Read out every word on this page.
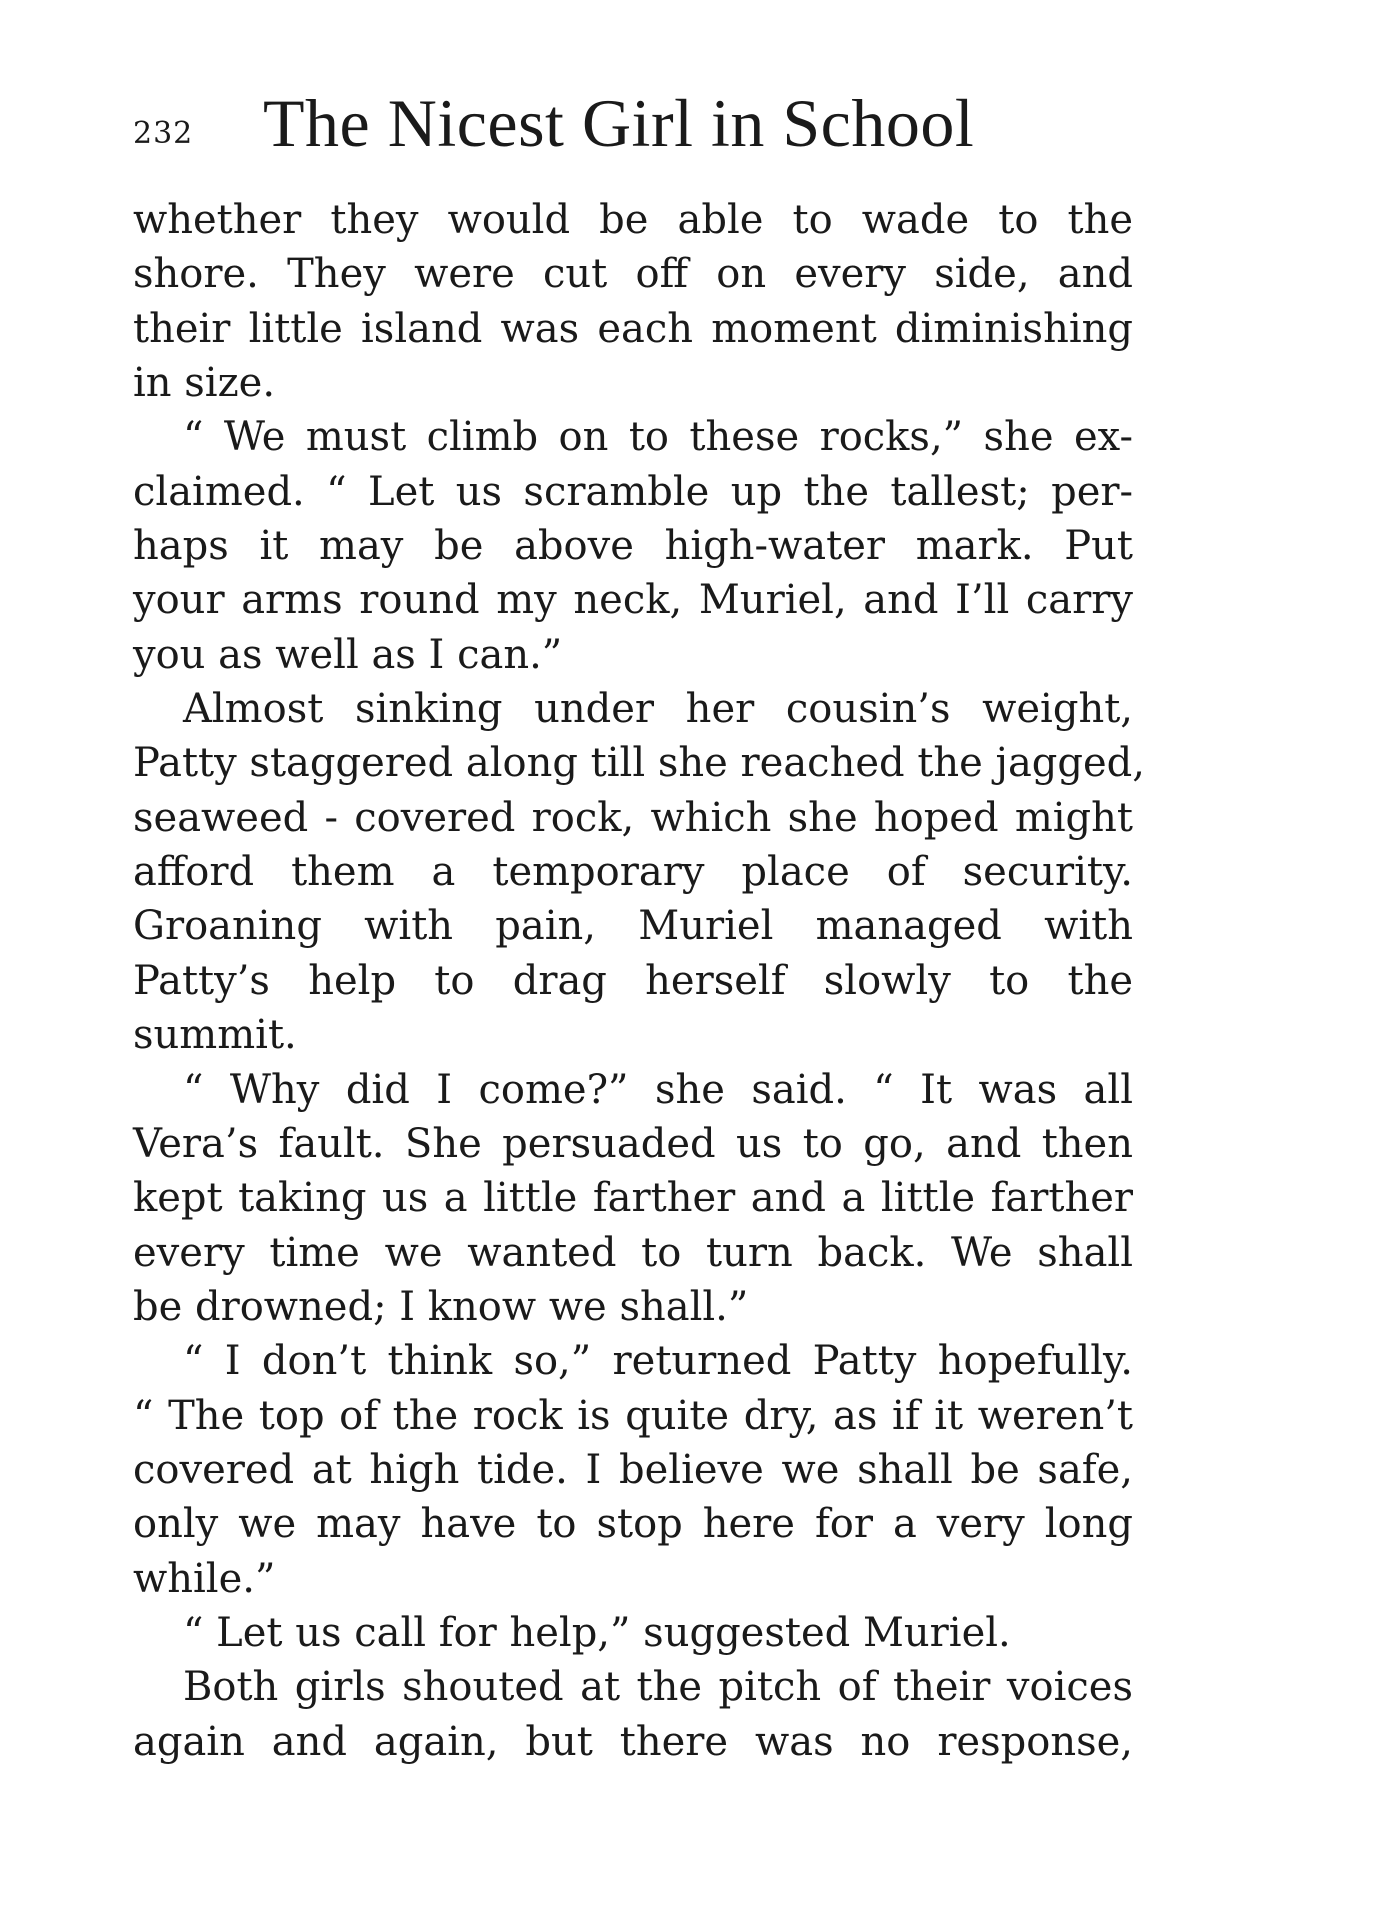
232 The Nicest Girl in School
whether they would be able to wade to the
shore. They were cut off on every side, and
their little island was each moment diminishing
in size.
“ We must climb on to these rocks,” she ex-
claimed. “ Let us scramble up the tallest; per-
haps it may be above high-water mark. Put
your arms round my neck, Muriel, and I’ll carry
you as well as I can.”
Almost sinking under her cousin’s weight,
Patty staggered along till she reached the jagged,
seaweed - covered rock, which she hoped might
afford them a temporary place of security.
Groaning with pain, Muriel managed with
Patty’s help to drag herself slowly to the
summit.
“ Why did I come?” she said. “ It was all
Vera’s fault. She persuaded us to go, and then
kept taking us a little farther and a little farther
every time we wanted to turn back. We shall
be drowned; I know we shall.”
“ I don’t think so,” returned Patty hopefully.
“ The top of the rock is quite dry, as if it weren’t
covered at high tide. I believe we shall be safe,
only we may have to stop here for a very long
while.”
“ Let us call for help,” suggested Muriel.
Both girls shouted at the pitch of their voices
again and again, but there was no response,
